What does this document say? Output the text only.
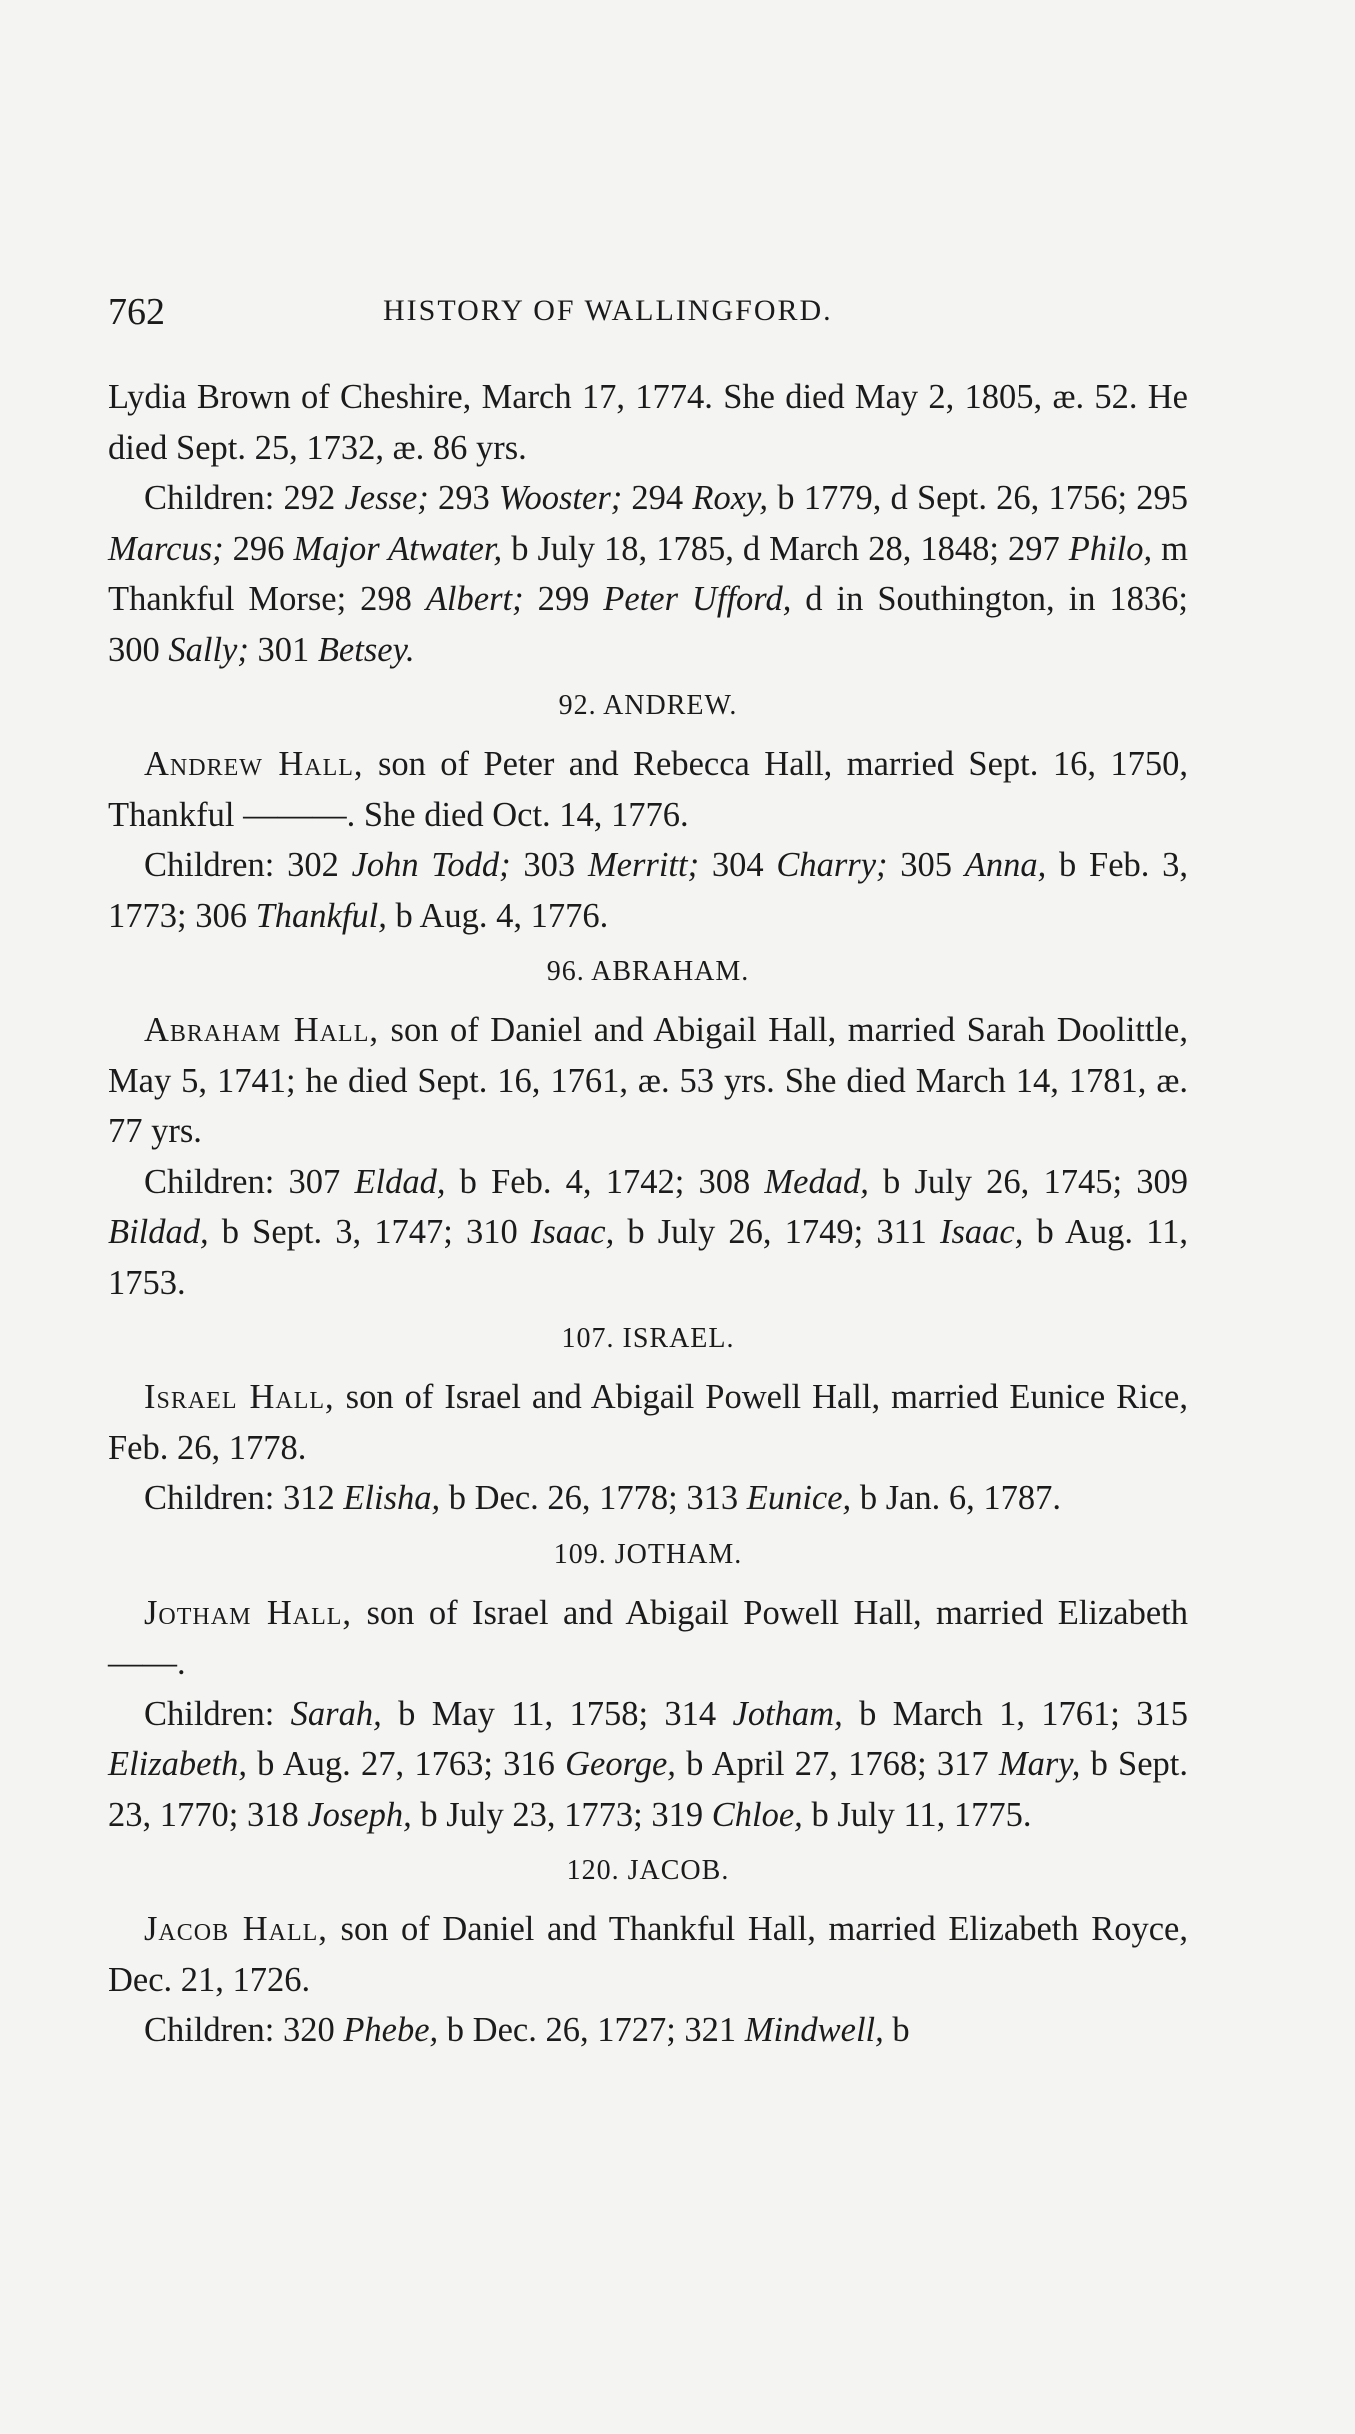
762	HISTORY OF WALLINGFORD.

Lydia Brown of Cheshire, March 17, 1774. She died May 2, 1805, æ. 52. He died Sept. 25, 1732, æ. 86 yrs.

Children: 292 Jesse; 293 Wooster; 294 Roxy, b 1779, d Sept. 26, 1756; 295 Marcus; 296 Major Atwater, b July 18, 1785, d March 28, 1848; 297 Philo, m Thankful Morse; 298 Albert; 299 Peter Ufford, d in Southington, in 1836; 300 Sally; 301 Betsey.

92. ANDREW.

Andrew Hall, son of Peter and Rebecca Hall, married Sept. 16, 1750, Thankful ———. She died Oct. 14, 1776.

Children: 302 John Todd; 303 Merritt; 304 Charry; 305 Anna, b Feb. 3, 1773; 306 Thankful, b Aug. 4, 1776.

96. ABRAHAM.

Abraham Hall, son of Daniel and Abigail Hall, married Sarah Doolittle, May 5, 1741; he died Sept. 16, 1761, æ. 53 yrs. She died March 14, 1781, æ. 77 yrs.

Children: 307 Eldad, b Feb. 4, 1742; 308 Medad, b July 26, 1745; 309 Bildad, b Sept. 3, 1747; 310 Isaac, b July 26, 1749; 311 Isaac, b Aug. 11, 1753.

107. ISRAEL.

Israel Hall, son of Israel and Abigail Powell Hall, married Eunice Rice, Feb. 26, 1778.

Children: 312 Elisha, b Dec. 26, 1778; 313 Eunice, b Jan. 6, 1787.

109. JOTHAM.

Jotham Hall, son of Israel and Abigail Powell Hall, married Elizabeth ——.

Children: Sarah, b May 11, 1758; 314 Jotham, b March 1, 1761; 315 Elizabeth, b Aug. 27, 1763; 316 George, b April 27, 1768; 317 Mary, b Sept. 23, 1770; 318 Joseph, b July 23, 1773; 319 Chloe, b July 11, 1775.

120. JACOB.

Jacob Hall, son of Daniel and Thankful Hall, married Elizabeth Royce, Dec. 21, 1726.

Children: 320 Phebe, b Dec. 26, 1727; 321 Mindwell, b
